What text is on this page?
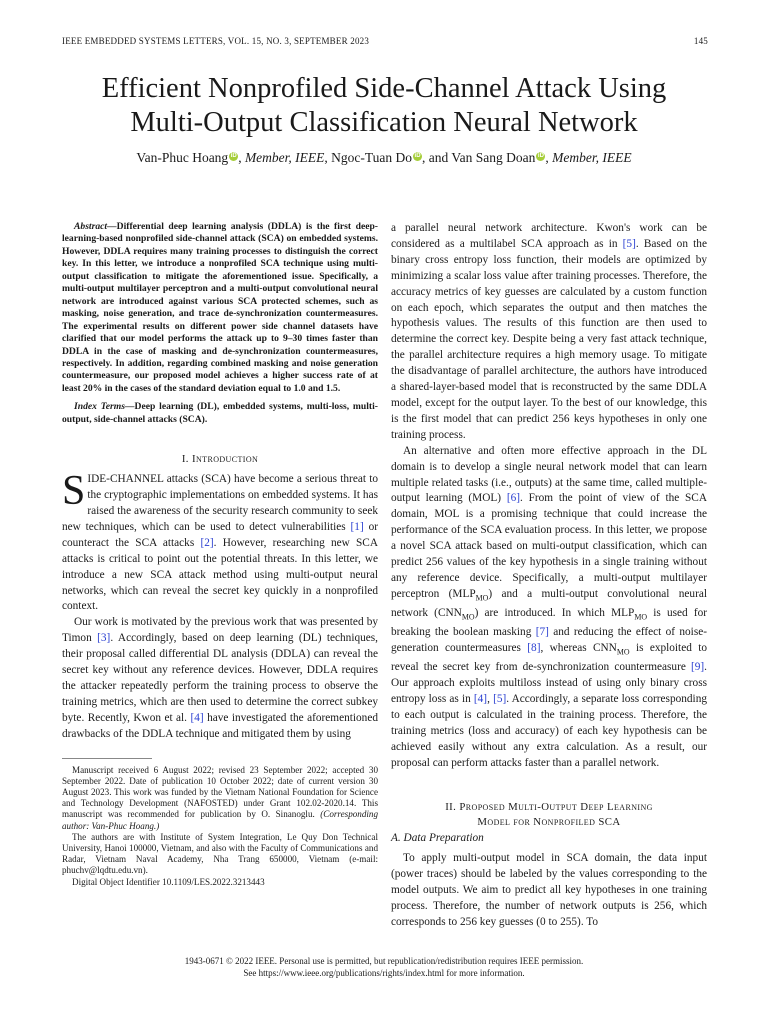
IEEE EMBEDDED SYSTEMS LETTERS, VOL. 15, NO. 3, SEPTEMBER 2023	145
Efficient Nonprofiled Side-Channel Attack Using
Multi-Output Classification Neural Network
Van-Phuc Hoang iD , Member, IEEE, Ngoc-Tuan Do iD , and Van Sang Doan iD , Member, IEEE

Abstract—Differential deep learning analysis (DDLA) is the first deep-learning-based nonprofiled side-channel attack (SCA) on embedded systems. However, DDLA requires many training processes to distinguish the correct key. In this letter, we introduce a nonprofiled SCA technique using multi-output classification to mitigate the aforementioned issue. Specifically, a multi-output multilayer perceptron and a multi-output convolutional neural network are introduced against various SCA protected schemes, such as masking, noise generation, and trace de-synchronization countermeasures. The experimental results on different power side channel datasets have clarified that our model performs the attack up to 9–30 times faster than DDLA in the case of masking and de-synchronization countermeasures, respectively. In addition, regarding combined masking and noise generation countermeasure, our proposed model achieves a higher success rate of at least 20% in the cases of the standard deviation equal to 1.0 and 1.5.

Index Terms—Deep learning (DL), embedded systems, multi-loss, multi-output, side-channel attacks (SCA).

I. Introduction

SIDE-CHANNEL attacks (SCA) have become a serious threat to the cryptographic implementations on embedded systems. It has raised the awareness of the security research community to seek new techniques, which can be used to detect vulnerabilities [1] or counteract the SCA attacks [2]. However, researching new SCA attacks is critical to point out the potential threats. In this letter, we introduce a new SCA attack method using multi-output neural networks, which can reveal the secret key quickly in a nonprofiled context.

Our work is motivated by the previous work that was presented by Timon [3]. Accordingly, based on deep learning (DL) techniques, their proposal called differential DL analysis (DDLA) can reveal the secret key without any reference devices. However, DDLA requires the attacker repeatedly perform the training process to observe the training metrics, which are then used to determine the correct subkey byte. Recently, Kwon et al. [4] have investigated the aforementioned drawbacks of the DDLA technique and mitigated them by using

Manuscript received 6 August 2022; revised 23 September 2022; accepted 30 September 2022. Date of publication 10 October 2022; date of current version 30 August 2023. This work was funded by the Vietnam National Foundation for Science and Technology Development (NAFOSTED) under Grant 102.02-2020.14. This manuscript was recommended for publication by O. Sinanoglu. (Corresponding author: Van-Phuc Hoang.)

The authors are with Institute of System Integration, Le Quy Don Technical University, Hanoi 100000, Vietnam, and also with the Faculty of Communications and Radar, Vietnam Naval Academy, Nha Trang 650000, Vietnam (e-mail: phuchv@lqdtu.edu.vn).

Digital Object Identifier 10.1109/LES.2022.3213443

a parallel neural network architecture. Kwon's work can be considered as a multilabel SCA approach as in [5]. Based on the binary cross entropy loss function, their models are optimized by minimizing a scalar loss value after training processes. Therefore, the accuracy metrics of key guesses are calculated by a custom function on each epoch, which separates the output and then matches the hypothesis values. The results of this function are then used to determine the correct key. Despite being a very fast attack technique, the parallel architecture requires a high memory usage. To mitigate the disadvantage of parallel architecture, the authors have introduced a shared-layer-based model that is reconstructed by the same DDLA model, except for the output layer. To the best of our knowledge, this is the first model that can predict 256 keys hypotheses in only one training process.

An alternative and often more effective approach in the DL domain is to develop a single neural network model that can learn multiple related tasks (i.e., outputs) at the same time, called multiple-output learning (MOL) [6]. From the point of view of the SCA domain, MOL is a promising technique that could increase the performance of the SCA evaluation process. In this letter, we propose a novel SCA attack based on multi-output classification, which can predict 256 values of the key hypothesis in a single training without any reference device. Specifically, a multi-output multilayer perceptron $(MLP_{MO})$ and a multi-output convolutional neural network $(CNN_{MO})$ are introduced. In which $MLP_{MO}$ is used for breaking the boolean masking [7] and reducing the effect of noise-generation countermeasures [8], whereas $CNN_{MO}$ is exploited to reveal the secret key from de-synchronization countermeasure [9]. Our approach exploits multiloss instead of using only binary cross entropy loss as in [4], [5]. Accordingly, a separate loss corresponding to each output is calculated in the training process. Therefore, the training metrics (loss and accuracy) of each key hypothesis can be achieved easily without any extra calculation. As a result, our proposal can perform attacks faster than a parallel network.

II. Proposed Multi-Output Deep Learning
Model for Nonprofiled SCA
A. Data Preparation

To apply multi-output model in SCA domain, the data input (power traces) should be labeled by the values corresponding to the model outputs. We aim to predict all key hypotheses in one training process. Therefore, the number of network outputs is 256, which corresponds to 256 key guesses (0 to 255). To

1943-0671 © 2022 IEEE. Personal use is permitted, but republication/redistribution requires IEEE permission.
See https://www.ieee.org/publications/rights/index.html for more information.
